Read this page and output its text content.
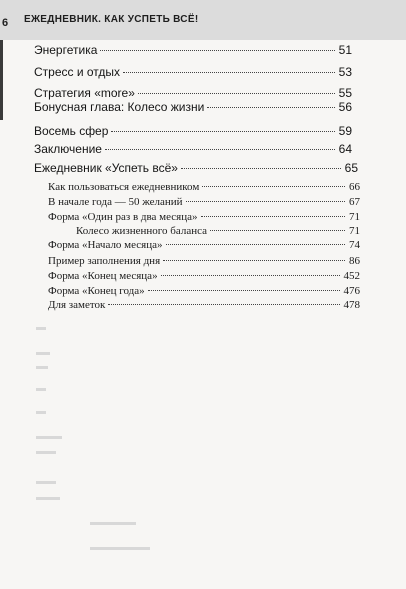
6 ЕЖЕДНЕВНИК. КАК УСПЕТЬ ВСЁ!
Энергетика	51
Стресс и отдых	53
Стратегия «more»	55
Бонусная глава: Колесо жизни	56
Восемь сфер	59
Заключение	64
Ежедневник «Успеть всё»	65
Как пользоваться ежедневником	66
В начале года — 50 желаний	67
Форма «Один раз в два месяца»	71
Колесо жизненного баланса	71
Форма «Начало месяца»	74
Пример заполнения дня	86
Форма «Конец месяца»	452
Форма «Конец года»	476
Для заметок	478
